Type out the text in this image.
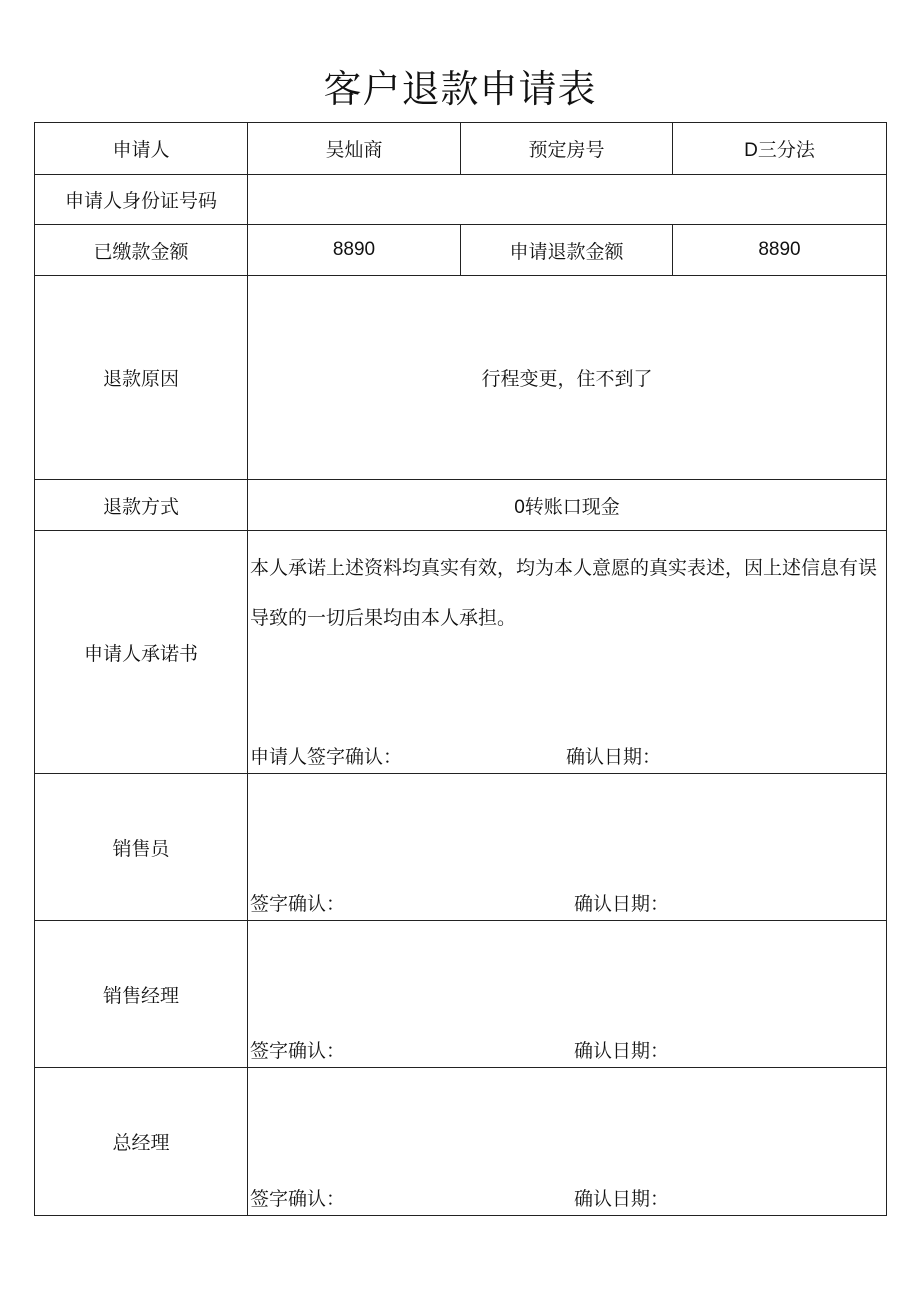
客户退款申请表
申请人	吴灿商	预定房号	D三分法
申请人身份证号码			
已缴款金额	8890	申请退款金额	8890
退款原因	行程变更，住不到了		
退款方式	0转账口现金		
申请人承诺书	本人承诺上述资料均真实有效，均为本人意愿的真实表述，因上述信息有误导致的一切后果均由本人承担。
申请人签字确认： 确认日期：		

销售员	签字确认： 确认日期：		

销售经理	签字确认： 确认日期：		

总经理	签字确认： 确认日期：		
